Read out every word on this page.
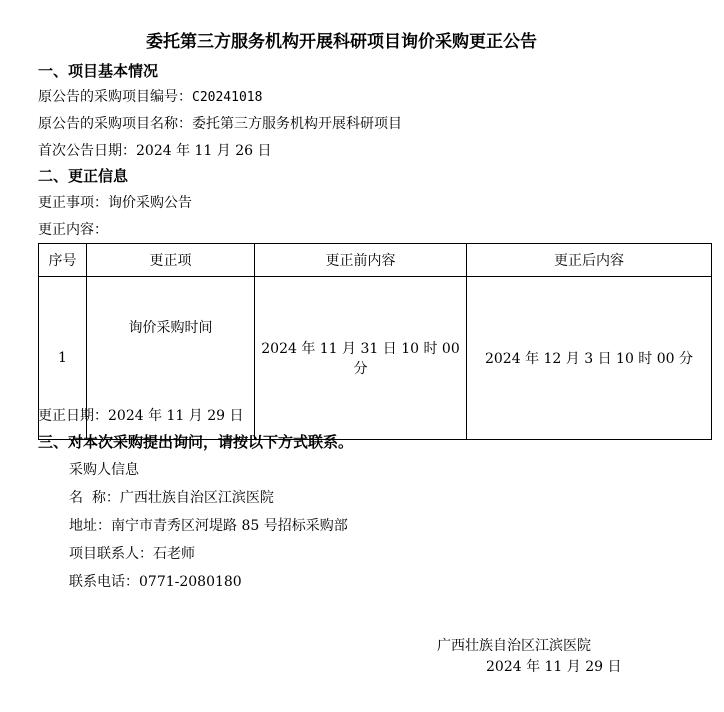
委托第三方服务机构开展科研项目询价采购更正公告
一、项目基本情况
原公告的采购项目编号：C20241018
原公告的采购项目名称：委托第三方服务机构开展科研项目
首次公告日期：2024 年 11 月 26 日
二、更正信息
更正事项：询价采购公告
更正内容：
序号	更正项	更正前内容	更正后内容
1	询价采购时间	2024 年 11 月 31 日 10 时 00 分	2024 年 12 月 3 日 10 时 00 分
更正日期：2024 年 11 月 29 日
三、对本次采购提出询问，请按以下方式联系。
采购人信息
名  称：广西壮族自治区江滨医院
地址：南宁市青秀区河堤路 85 号招标采购部
项目联系人：石老师
联系电话：0771-2080180
广西壮族自治区江滨医院
2024 年 11 月 29 日
